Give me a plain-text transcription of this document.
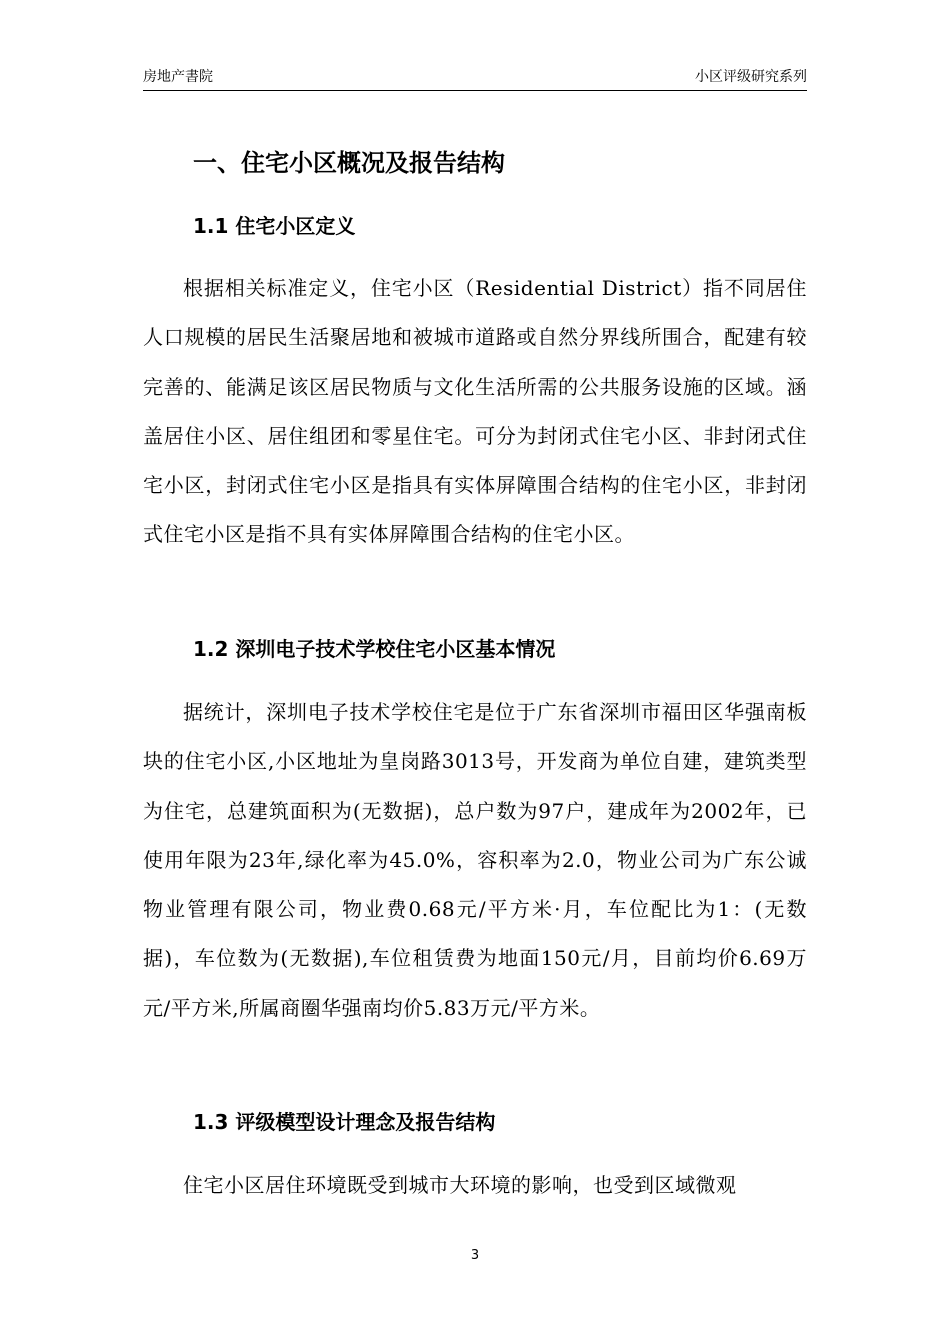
房地产書院	小区评级研究系列
一、住宅小区概况及报告结构
1.1 住宅小区定义
根据相关标准定义，住宅小区（Residential District）指不同居住人口规模的居民生活聚居地和被城市道路或自然分界线所围合，配建有较完善的、能满足该区居民物质与文化生活所需的公共服务设施的区域。涵盖居住小区、居住组团和零星住宅。可分为封闭式住宅小区、非封闭式住宅小区，封闭式住宅小区是指具有实体屏障围合结构的住宅小区，非封闭式住宅小区是指不具有实体屏障围合结构的住宅小区。
1.2 深圳电子技术学校住宅小区基本情况
据统计，深圳电子技术学校住宅是位于广东省深圳市福田区华强南板块的住宅小区,小区地址为皇岗路3013号，开发商为单位自建，建筑类型为住宅，总建筑面积为(无数据)，总户数为97户，建成年为2002年，已使用年限为23年,绿化率为45.0%，容积率为2.0，物业公司为广东公诚物业管理有限公司，物业费0.68元/平方米·月，车位配比为1：(无数据)，车位数为(无数据),车位租赁费为地面150元/月，目前均价6.69万元/平方米,所属商圈华强南均价5.83万元/平方米。
1.3 评级模型设计理念及报告结构
住宅小区居住环境既受到城市大环境的影响，也受到区域微观
3
